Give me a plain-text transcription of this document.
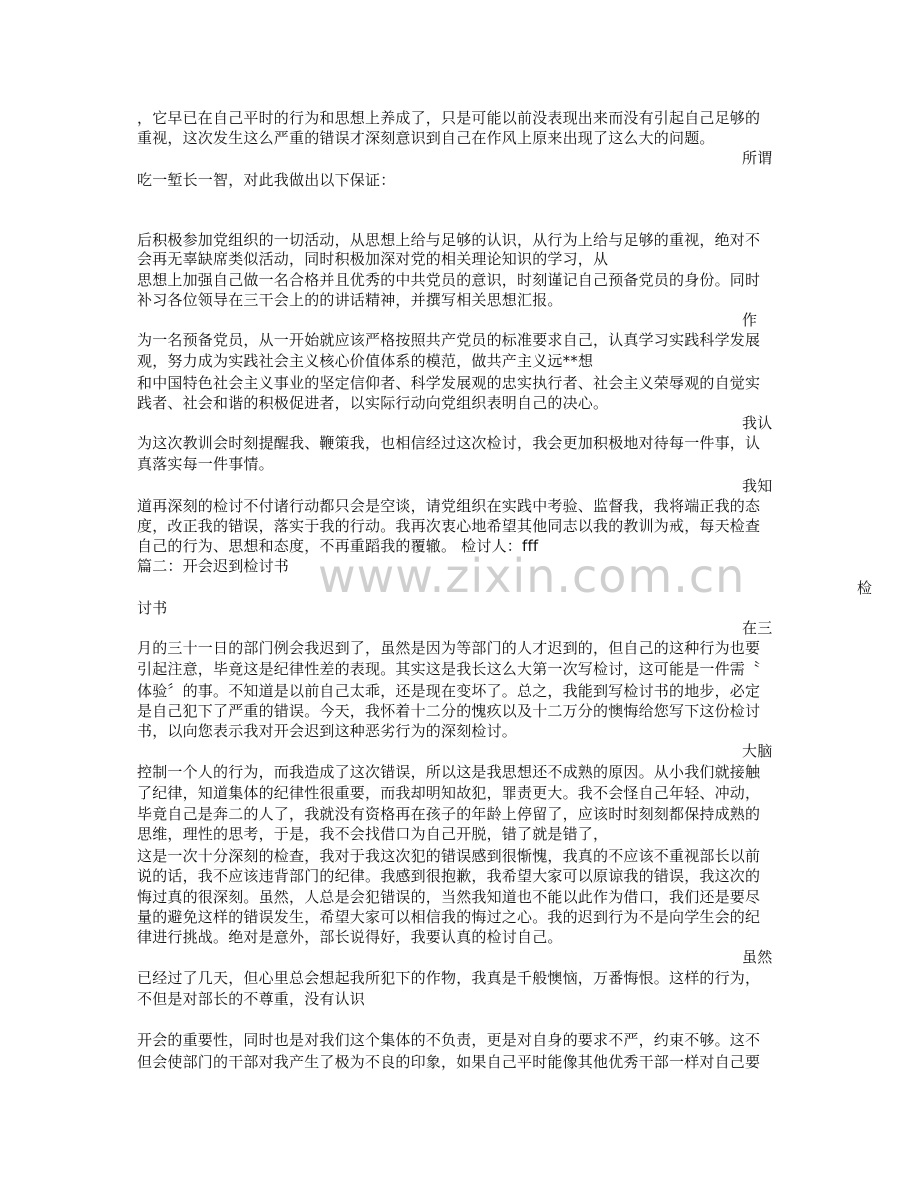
，它早已在自己平时的行为和思想上养成了，只是可能以前没表现出来而没有引起自己足够的
重视，这次发生这么严重的错误才深刻意识到自己在作风上原来出现了这么大的问题。
所谓
吃一堑长一智，对此我做出以下保证：
后积极参加党组织的一切活动，从思想上给与足够的认识，从行为上给与足够的重视，绝对不
会再无辜缺席类似活动，同时积极加深对党的相关理论知识的学习，从
思想上加强自己做一名合格并且优秀的中共党员的意识，时刻谨记自己预备党员的身份。同时
补习各位领导在三干会上的的讲话精神，并撰写相关思想汇报。
作
为一名预备党员，从一开始就应该严格按照共产党员的标准要求自己，认真学习实践科学发展
观，努力成为实践社会主义核心价值体系的模范，做共产主义远**想
和中国特色社会主义事业的坚定信仰者、科学发展观的忠实执行者、社会主义荣辱观的自觉实
践者、社会和谐的积极促进者，以实际行动向党组织表明自己的决心。
我认
为这次教训会时刻提醒我、鞭策我，也相信经过这次检讨，我会更加积极地对待每一件事，认
真落实每一件事情。
我知
道再深刻的检讨不付诸行动都只会是空谈，请党组织在实践中考验、监督我，我将端正我的态
度，改正我的错误，落实于我的行动。我再次衷心地希望其他同志以我的教训为戒，每天检查
自己的行为、思想和态度，不再重蹈我的覆辙。 检讨人：fff
篇二：开会迟到检讨书
检
讨书
在三
月的三十一日的部门例会我迟到了，虽然是因为等部门的人才迟到的，但自己的这种行为也要
引起注意，毕竟这是纪律性差的表现。其实这是我长这么大第一次写检讨，这可能是一件需〝
体验〞的事。不知道是以前自己太乖，还是现在变坏了。总之，我能到写检讨书的地步，必定
是自己犯下了严重的错误。今天，我怀着十二分的愧疚以及十二万分的懊悔给您写下这份检讨
书，以向您表示我对开会迟到这种恶劣行为的深刻检讨。
大脑
控制一个人的行为，而我造成了这次错误，所以这是我思想还不成熟的原因。从小我们就接触
了纪律，知道集体的纪律性很重要，而我却明知故犯，罪责更大。我不会怪自己年轻、冲动，
毕竟自己是奔二的人了，我就没有资格再在孩子的年龄上停留了，应该时时刻刻都保持成熟的
思维，理性的思考，于是，我不会找借口为自己开脱，错了就是错了，
这是一次十分深刻的检查，我对于我这次犯的错误感到很惭愧，我真的不应该不重视部长以前
说的话，我不应该违背部门的纪律。我感到很抱歉，我希望大家可以原谅我的错误，我这次的
悔过真的很深刻。虽然，人总是会犯错误的，当然我知道也不能以此作为借口，我们还是要尽
量的避免这样的错误发生，希望大家可以相信我的悔过之心。我的迟到行为不是向学生会的纪
律进行挑战。绝对是意外，部长说得好，我要认真的检讨自己。
虽然
已经过了几天，但心里总会想起我所犯下的作物，我真是千般懊恼，万番悔恨。这样的行为，
不但是对部长的不尊重，没有认识
开会的重要性，同时也是对我们这个集体的不负责，更是对自身的要求不严，约束不够。这不
但会使部门的干部对我产生了极为不良的印象，如果自己平时能像其他优秀干部一样对自己要
www.zixin.com.cn
